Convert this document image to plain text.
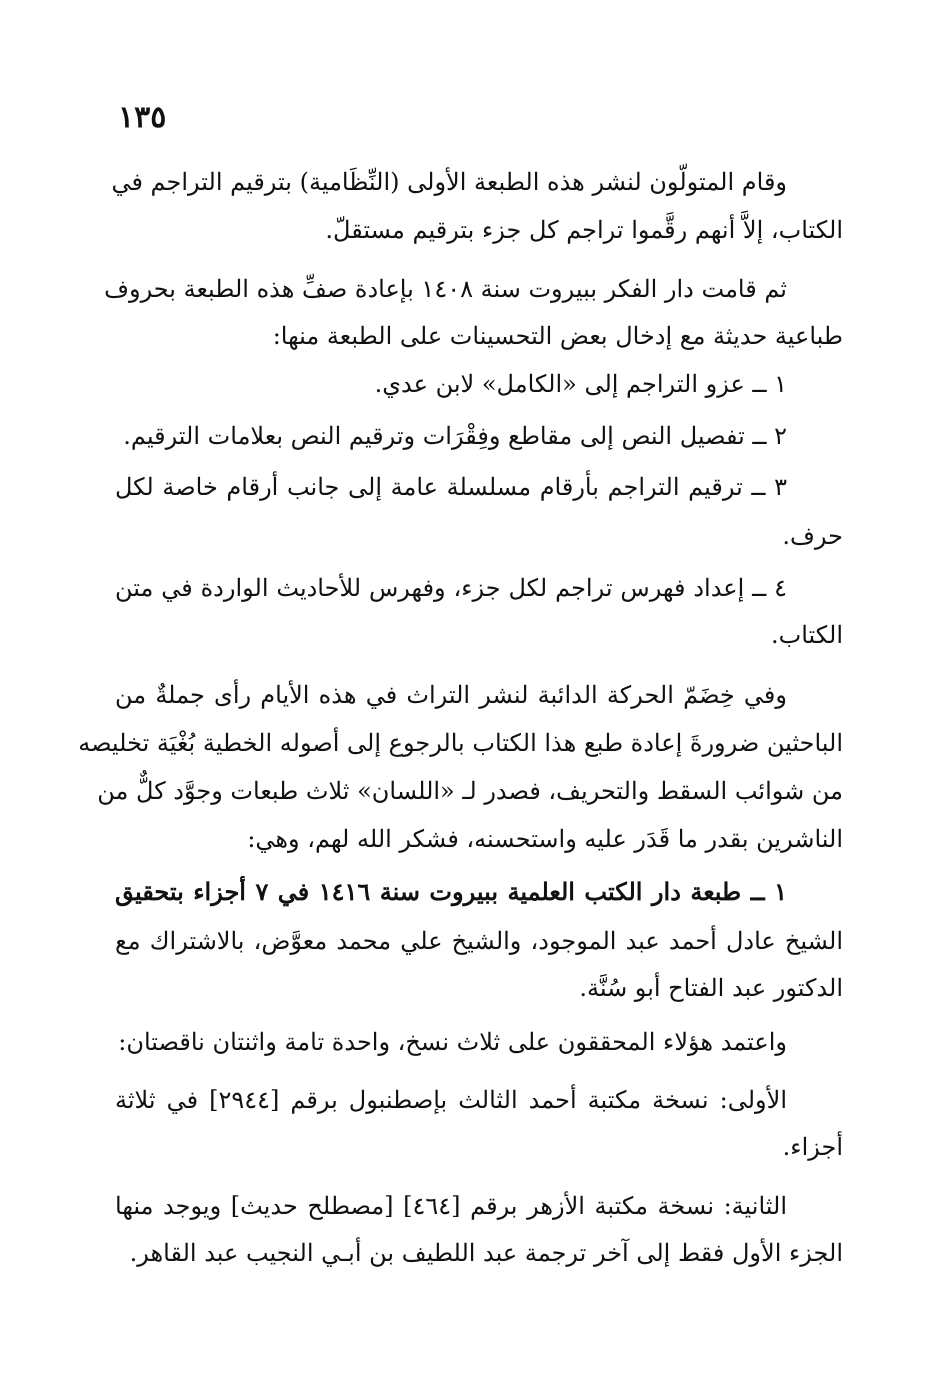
١٣٥
وقام المتولّون لنشر هذه الطبعة الأولى (النِّظَامية) بترقيم التراجم في
الكتاب، إلاَّ أنهم رقَّموا تراجم كل جزء بترقيم مستقلّ.
ثم قامت دار الفكر ببيروت سنة ١٤٠٨ بإعادة صفِّ هذه الطبعة بحروف
طباعية حديثة مع إدخال بعض التحسينات على الطبعة منها:
١ ــ عزو التراجم إلى «الكامل» لابن عدي.
٢ ــ تفصيل النص إلى مقاطع وفِقْرَات وترقيم النص بعلامات الترقيم.
٣ ــ ترقيم التراجم بأرقام مسلسلة عامة إلى جانب أرقام خاصة لكل
حرف.
٤ ــ إعداد فهرس تراجم لكل جزء، وفهرس للأحاديث الواردة في متن
الكتاب.
وفي خِضَمّ الحركة الدائبة لنشر التراث في هذه الأيام رأى جملةٌ من
الباحثين ضرورةَ إعادة طبع هذا الكتاب بالرجوع إلى أصوله الخطية بُغْيَة تخليصه
من شوائب السقط والتحريف، فصدر لـ «اللسان» ثلاث طبعات وجوَّد كلٌّ من
الناشرين بقدر ما قَدَر عليه واستحسنه، فشكر الله لهم، وهي:
١ ــ طبعة دار الكتب العلمية ببيروت سنة ١٤١٦ في ٧ أجزاء بتحقيق
الشيخ عادل أحمد عبد الموجود، والشيخ علي محمد معوَّض، بالاشتراك مع
الدكتور عبد الفتاح أبو سُنَّة.
واعتمد هؤلاء المحققون على ثلاث نسخ، واحدة تامة واثنتان ناقصتان:
الأولى: نسخة مكتبة أحمد الثالث بإصطنبول برقم [٢٩٤٤] في ثلاثة
أجزاء.
الثانية: نسخة مكتبة الأزهر برقم [٤٦٤] [مصطلح حديث] ويوجد منها
الجزء الأول فقط إلى آخر ترجمة عبد اللطيف بن أبـي النجيب عبد القاهر.
